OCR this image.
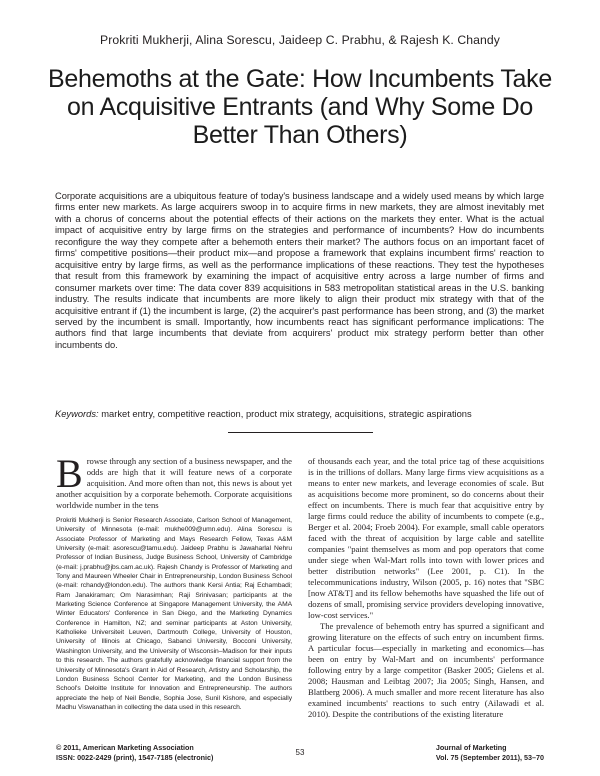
Prokriti Mukherji, Alina Sorescu, Jaideep C. Prabhu, & Rajesh K. Chandy
Behemoths at the Gate: How Incumbents Take on Acquisitive Entrants (and Why Some Do Better Than Others)

Corporate acquisitions are a ubiquitous feature of today's business landscape and a widely used means by which large firms enter new markets. As large acquirers swoop in to acquire firms in new markets, they are almost inevitably met with a chorus of concerns about the potential effects of their actions on the markets they enter. What is the actual impact of acquisitive entry by large firms on the strategies and performance of incumbents? How do incumbents reconfigure the way they compete after a behemoth enters their market? The authors focus on an important facet of firms' competitive positions—their product mix—and propose a framework that explains incumbent firms' reaction to acquisitive entry by large firms, as well as the performance implications of these reactions. They test the hypotheses that result from this framework by examining the impact of acquisitive entry across a large number of firms and consumer markets over time: The data cover 839 acquisitions in 583 metropolitan statistical areas in the U.S. banking industry. The results indicate that incumbents are more likely to align their product mix strategy with that of the acquisitive entrant if (1) the incumbent is large, (2) the acquirer's past performance has been strong, and (3) the market served by the incumbent is small. Importantly, how incumbents react has significant performance implications: The authors find that large incumbents that deviate from acquirers' product mix strategy perform better than other incumbents do.

Keywords: market entry, competitive reaction, product mix strategy, acquisitions, strategic aspirations

Browse through any section of a business newspaper, and the odds are high that it will feature news of a corporate acquisition. And more often than not, this news is about yet another acquisition by a corporate behemoth. Corporate acquisitions worldwide number in the tens

Prokriti Mukherji is Senior Research Associate, Carlson School of Management, University of Minnesota (e-mail: mukhe009@umn.edu). Alina Sorescu is Associate Professor of Marketing and Mays Research Fellow, Texas A&M University (e-mail: asorescu@tamu.edu). Jaideep Prabhu is Jawaharlal Nehru Professor of Indian Business, Judge Business School, University of Cambridge (e-mail: j.prabhu@jbs.cam.ac.uk). Rajesh Chandy is Professor of Marketing and Tony and Maureen Wheeler Chair in Entrepreneurship, London Business School (e-mail: rchandy@london.edu). The authors thank Kersi Antia; Raj Echambadi; Ram Janakiraman; Om Narasimhan; Raji Srinivasan; participants at the Marketing Science Conference at Singapore Management University, the AMA Winter Educators' Conference in San Diego, and the Marketing Dynamics Conference in Hamilton, NZ; and seminar participants at Aston University, Katholieke Universiteit Leuven, Dartmouth College, University of Houston, University of Illinois at Chicago, Sabanci University, Bocconi University, Washington University, and the University of Wisconsin–Madison for their inputs to this research. The authors gratefully acknowledge financial support from the University of Minnesota's Grant in Aid of Research, Artistry and Scholarship, the London Business School Center for Marketing, and the London Business School's Deloitte Institute for Innovation and Entrepreneurship. The authors appreciate the help of Neil Bendle, Sophia Jose, Sunil Kishore, and especially Madhu Viswanathan in collecting the data used in this research.

of thousands each year, and the total price tag of these acquisitions is in the trillions of dollars. Many large firms view acquisitions as a means to enter new markets, and leverage economies of scale. But as acquisitions become more prominent, so do concerns about their effect on incumbents. There is much fear that acquisitive entry by large firms could reduce the ability of incumbents to compete (e.g., Berger et al. 2004; Froeb 2004). For example, small cable operators faced with the threat of acquisition by large cable and satellite companies "paint themselves as mom and pop operators that come under siege when Wal-Mart rolls into town with lower prices and better distribution networks" (Lee 2001, p. C1). In the telecommunications industry, Wilson (2005, p. 16) notes that "SBC [now AT&T] and its fellow behemoths have squashed the life out of dozens of small, promising service providers developing innovative, low-cost services."

The prevalence of behemoth entry has spurred a significant and growing literature on the effects of such entry on incumbent firms. A particular focus—especially in marketing and economics—has been on entry by Wal-Mart and on incumbents' performance following entry by a large competitor (Basker 2005; Gielens et al. 2008; Hausman and Leibtag 2007; Jia 2005; Singh, Hansen, and Blattberg 2006). A much smaller and more recent literature has also examined incumbents' reactions to such entry (Ailawadi et al. 2010). Despite the contributions of the existing literature

© 2011, American Marketing Association
ISSN: 0022-2429 (print), 1547-7185 (electronic)
53
Journal of Marketing
Vol. 75 (September 2011), 53–70
